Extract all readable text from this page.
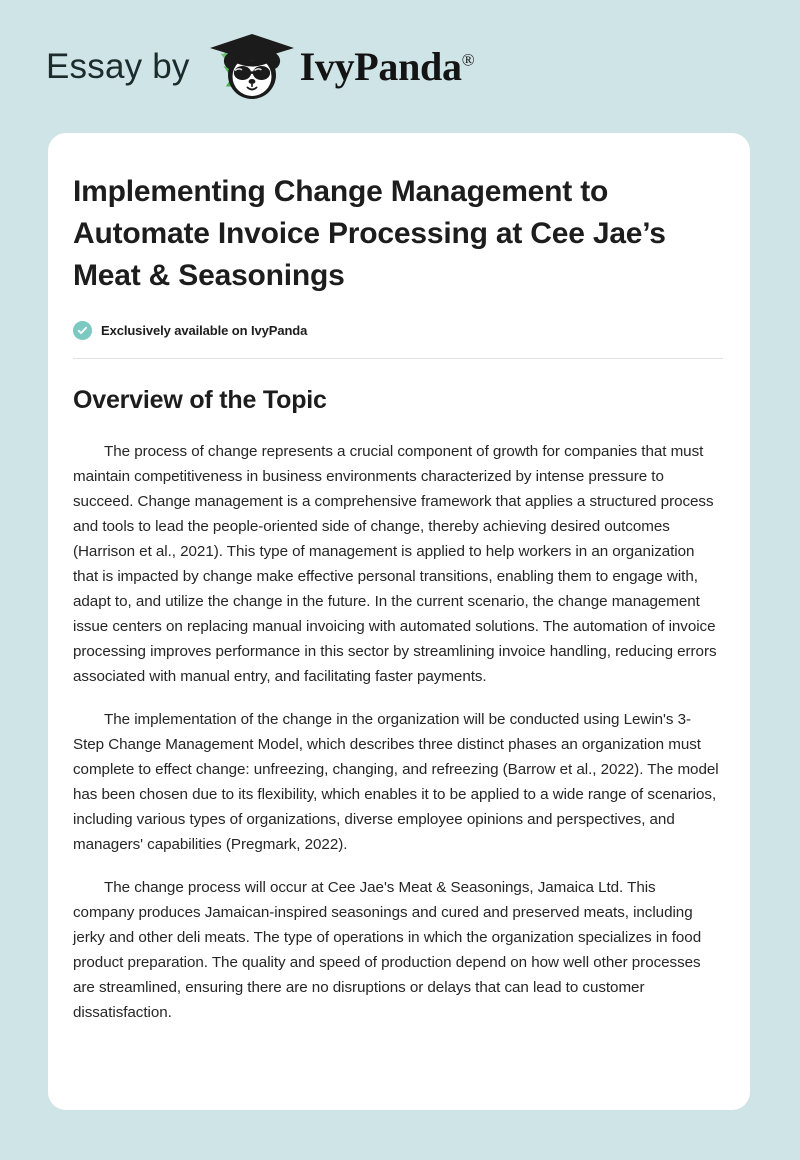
Essay by	IvyPanda®
Implementing Change Management to Automate Invoice Processing at Cee Jae’s Meat & Seasonings
Exclusively available on IvyPanda
Overview of the Topic

The process of change represents a crucial component of growth for companies that must maintain competitiveness in business environments characterized by intense pressure to succeed. Change management is a comprehensive framework that applies a structured process and tools to lead the people-oriented side of change, thereby achieving desired outcomes (Harrison et al., 2021). This type of management is applied to help workers in an organization that is impacted by change make effective personal transitions, enabling them to engage with, adapt to, and utilize the change in the future. In the current scenario, the change management issue centers on replacing manual invoicing with automated solutions. The automation of invoice processing improves performance in this sector by streamlining invoice handling, reducing errors associated with manual entry, and facilitating faster payments.

The implementation of the change in the organization will be conducted using Lewin's 3-Step Change Management Model, which describes three distinct phases an organization must complete to effect change: unfreezing, changing, and refreezing (Barrow et al., 2022). The model has been chosen due to its flexibility, which enables it to be applied to a wide range of scenarios, including various types of organizations, diverse employee opinions and perspectives, and managers' capabilities (Pregmark, 2022).

The change process will occur at Cee Jae's Meat & Seasonings, Jamaica Ltd. This company produces Jamaican-inspired seasonings and cured and preserved meats, including jerky and other deli meats. The type of operations in which the organization specializes in food product preparation. The quality and speed of production depend on how well other processes are streamlined, ensuring there are no disruptions or delays that can lead to customer dissatisfaction.
